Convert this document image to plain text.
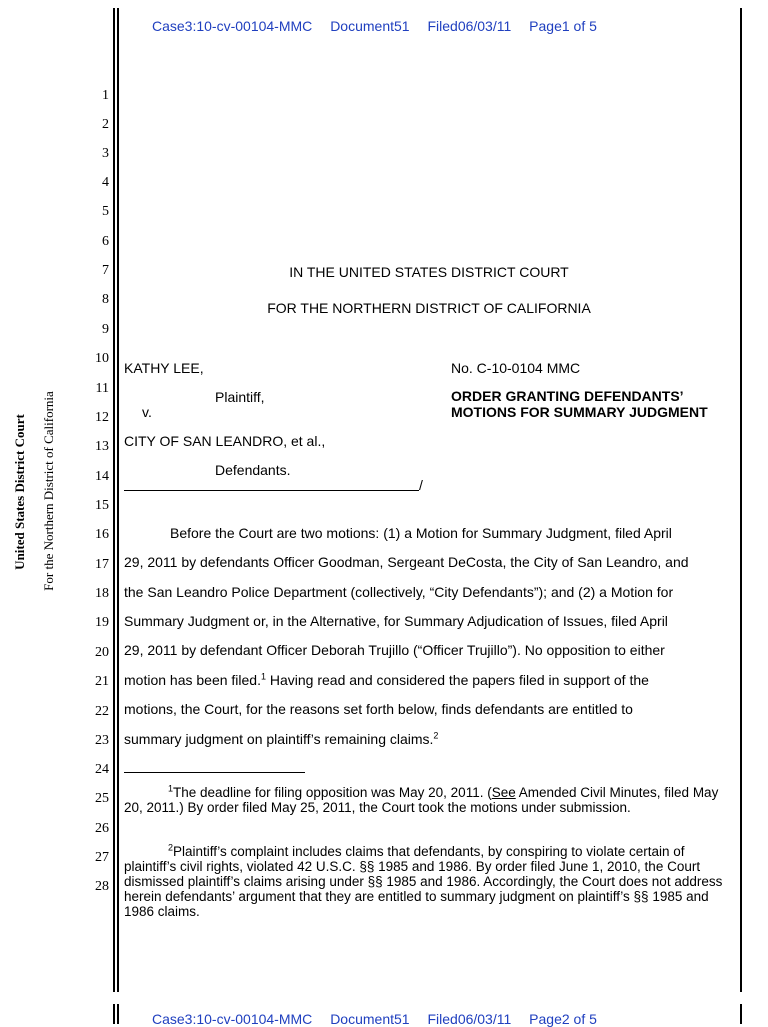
Case3:10-cv-00104-MMC Document51 Filed06/03/11 Page1 of 5
United States District Court For the Northern District of California
1
2
3
4
5
6
7
8
9
10
11
12
13
14
15
16
17
18
19
20
21
22
23
24
25
26
27
28
IN THE UNITED STATES DISTRICT COURT
FOR THE NORTHERN DISTRICT OF CALIFORNIA
KATHY LEE,
Plaintiff,
v.
CITY OF SAN LEANDRO, et al.,
Defendants.
/
No. C-10-0104 MMC
ORDER GRANTING DEFENDANTS’
MOTIONS FOR SUMMARY JUDGMENT
Before the Court are two motions: (1) a Motion for Summary Judgment, filed April
29, 2011 by defendants Officer Goodman, Sergeant DeCosta, the City of San Leandro, and
the San Leandro Police Department (collectively, “City Defendants”); and (2) a Motion for
Summary Judgment or, in the Alternative, for Summary Adjudication of Issues, filed April
29, 2011 by defendant Officer Deborah Trujillo (“Officer Trujillo”). No opposition to either
motion has been filed.$^1$ Having read and considered the papers filed in support of the
motions, the Court, for the reasons set forth below, finds defendants are entitled to
summary judgment on plaintiff’s remaining claims.$^2$
$^1$The deadline for filing opposition was May 20, 2011. (See Amended Civil Minutes, filed May 20, 2011.) By order filed May 25, 2011, the Court took the motions under submission.
$^2$Plaintiff’s complaint includes claims that defendants, by conspiring to violate certain of plaintiff’s civil rights, violated 42 U.S.C. §§ 1985 and 1986. By order filed June 1, 2010, the Court dismissed plaintiff’s claims arising under §§ 1985 and 1986. Accordingly, the Court does not address herein defendants’ argument that they are entitled to summary judgment on plaintiff’s §§ 1985 and 1986 claims.
Case3:10-cv-00104-MMC Document51 Filed06/03/11 Page2 of 5
